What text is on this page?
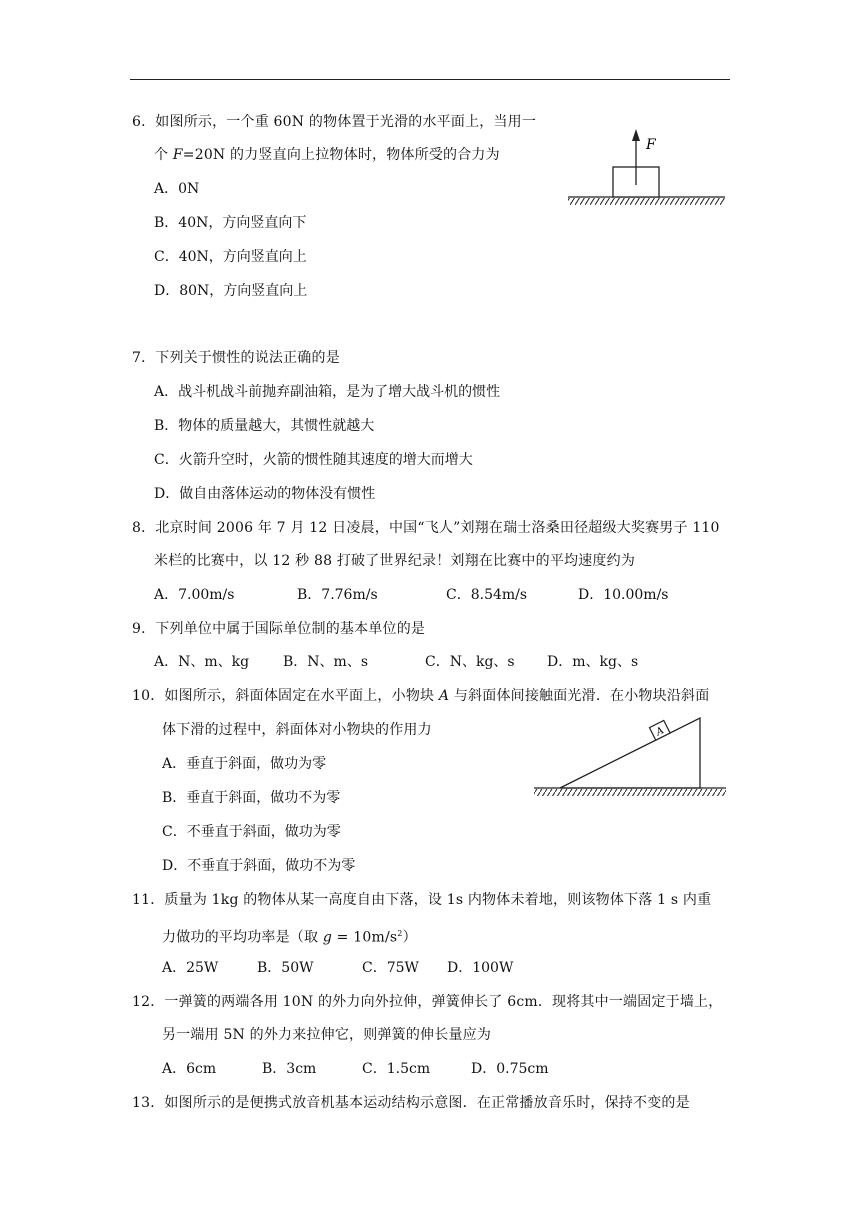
6．如图所示，一个重 60N 的物体置于光滑的水平面上，当用一
个 F=20N 的力竖直向上拉物体时，物体所受的合力为
A．0N
B．40N，方向竖直向下
C．40N，方向竖直向上
D．80N，方向竖直向上
F
7．下列关于惯性的说法正确的是
A．战斗机战斗前抛弃副油箱，是为了增大战斗机的惯性
B．物体的质量越大，其惯性就越大
C．火箭升空时，火箭的惯性随其速度的增大而增大
D．做自由落体运动的物体没有惯性
8．北京时间 2006 年 7 月 12 日凌晨，中国“飞人”刘翔在瑞士洛桑田径超级大奖赛男子 110
米栏的比赛中，以 12 秒 88 打破了世界纪录！刘翔在比赛中的平均速度约为
A．7.00m/s	B．7.76m/s	C．8.54m/s	D．10.00m/s
9．下列单位中属于国际单位制的基本单位的是
A．N、m、kg B．N、m、s	C．N、kg、s D．m、kg、s
10．如图所示，斜面体固定在水平面上，小物块 A 与斜面体间接触面光滑．在小物块沿斜面
体下滑的过程中，斜面体对小物块的作用力
A．垂直于斜面，做功为零
B．垂直于斜面，做功不为零
C．不垂直于斜面，做功为零
D．不垂直于斜面，做功不为零
A
11．质量为 1kg 的物体从某一高度自由下落，设 1s 内物体未着地，则该物体下落 1 s 内重
力做功的平均功率是（取 $g = 10m/s^2$）
A．25W	B．50W	C．75W D．100W
12．一弹簧的两端各用 10N 的外力向外拉伸，弹簧伸长了 6cm．现将其中一端固定于墙上，
另一端用 5N 的外力来拉伸它，则弹簧的伸长量应为
A．6cm	B．3cm	C．1.5cm	D．0.75cm
13．如图所示的是便携式放音机基本运动结构示意图．在正常播放音乐时，保持不变的是
